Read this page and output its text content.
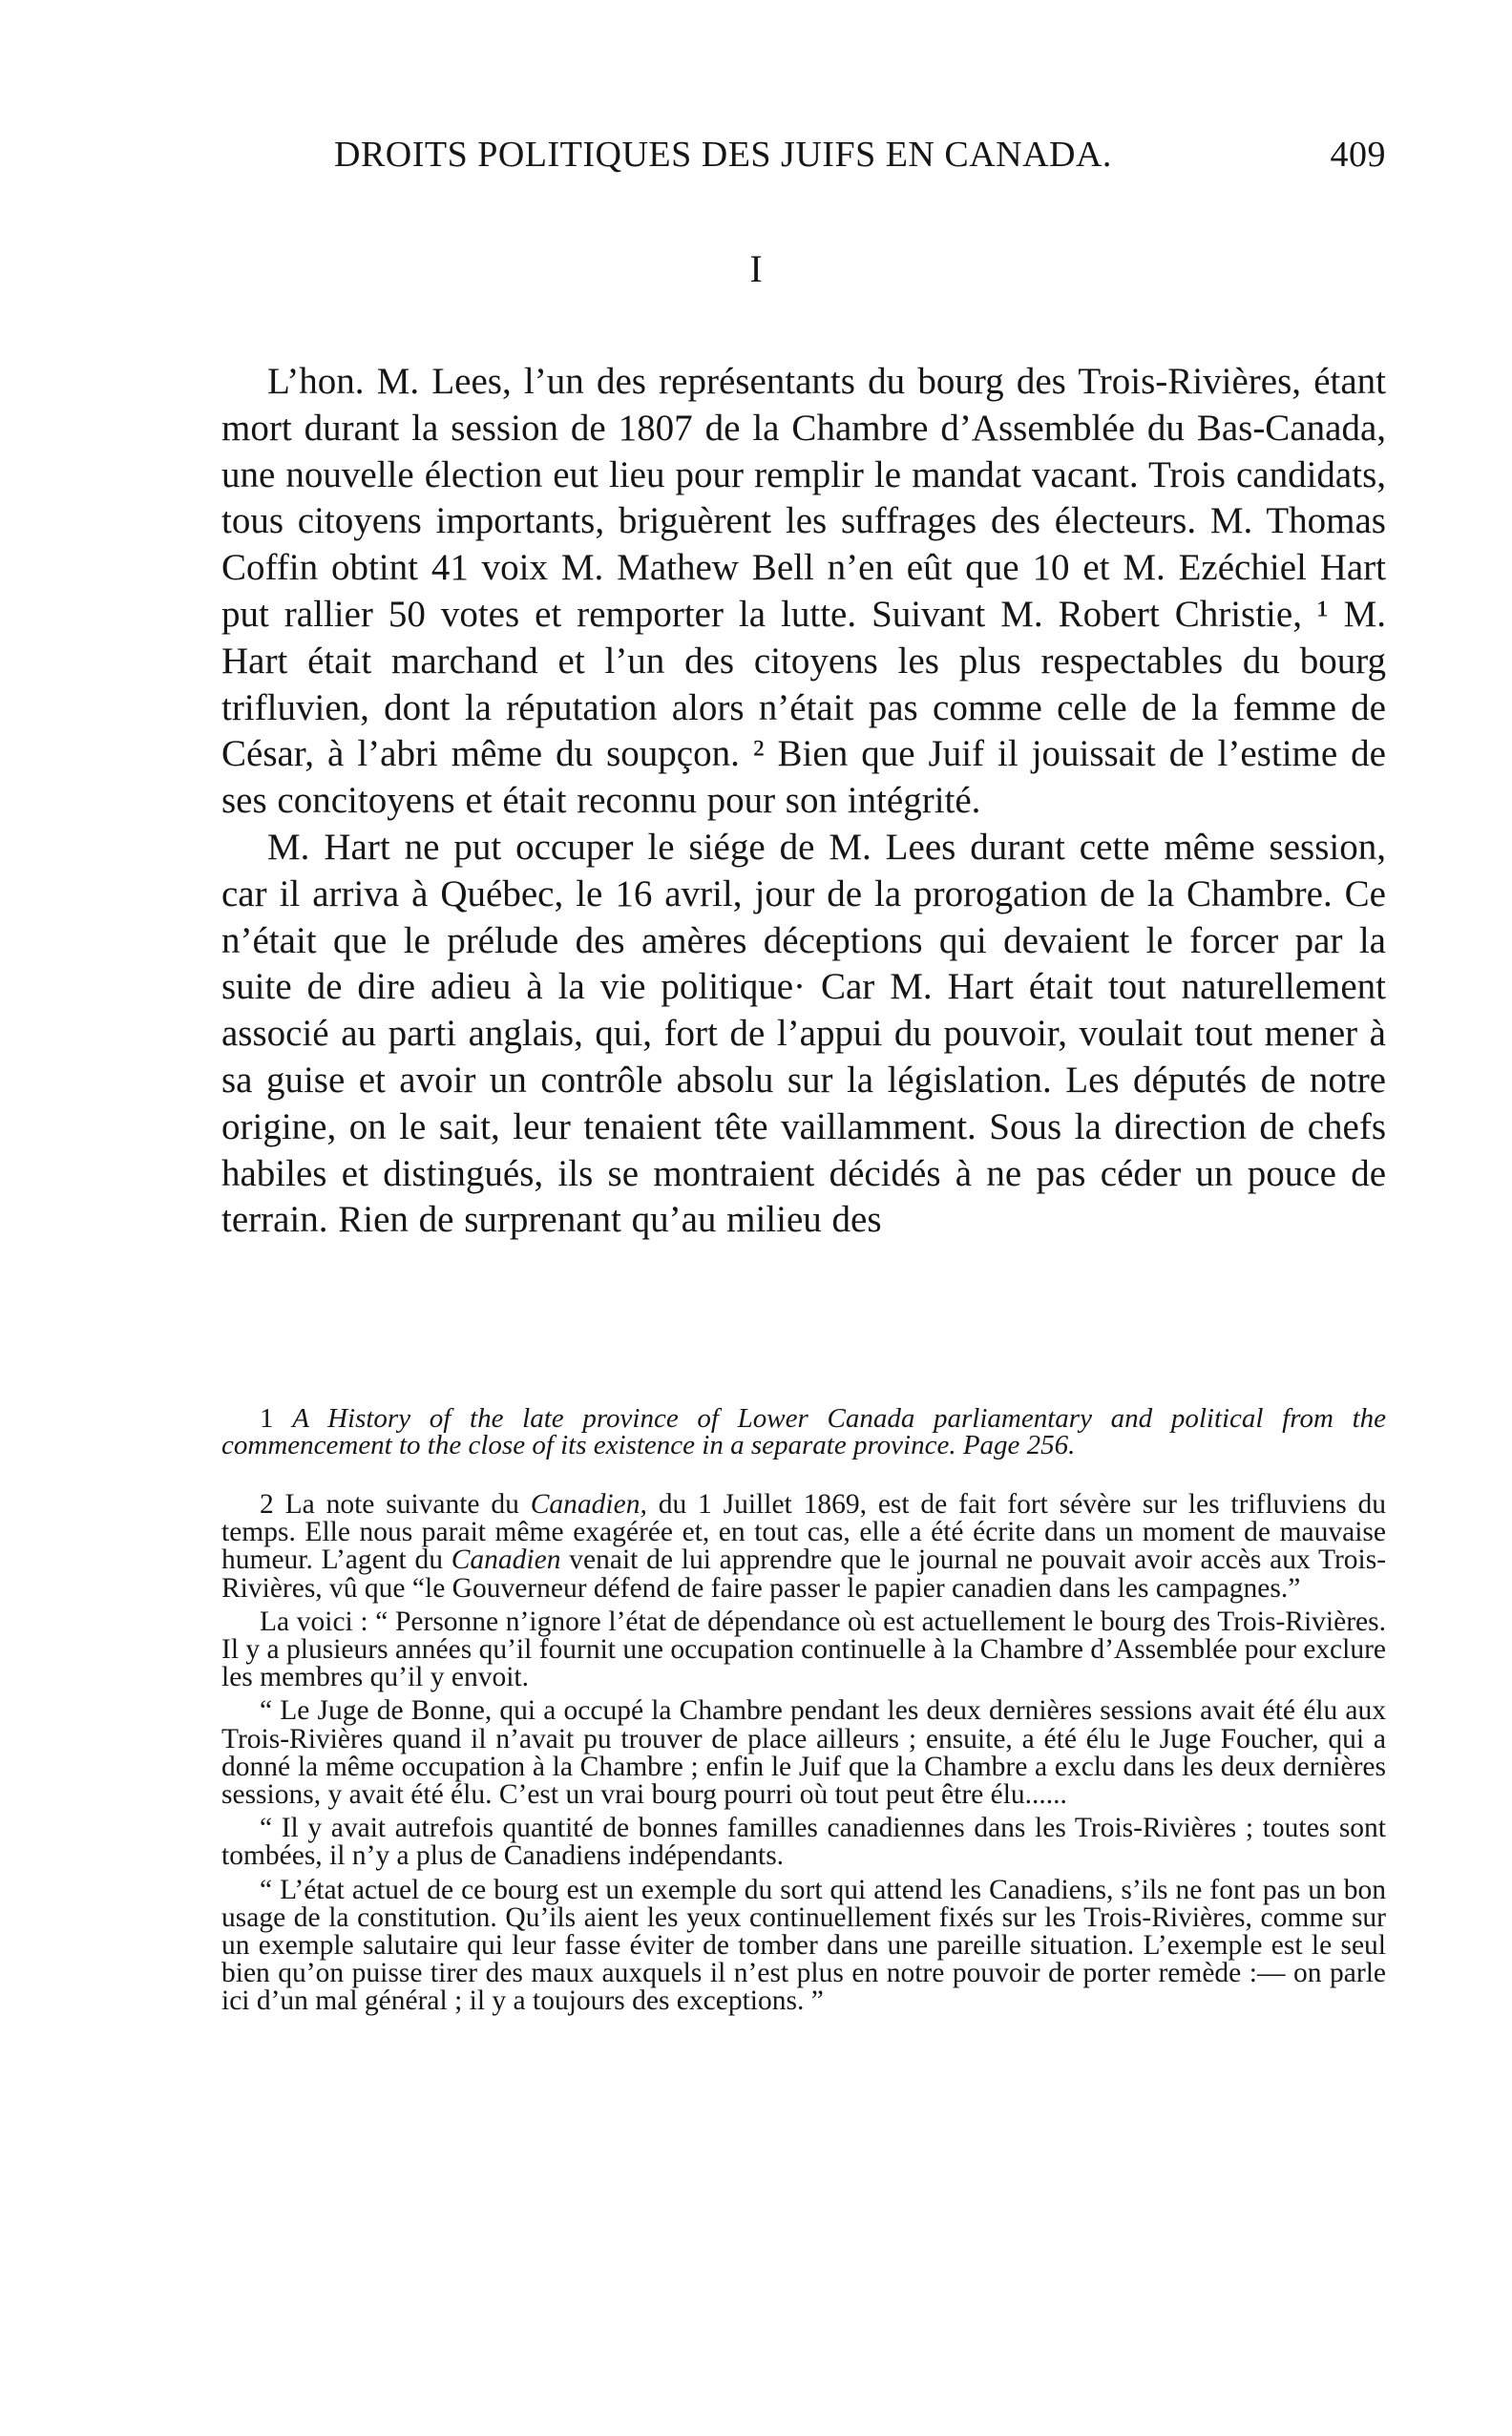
DROITS POLITIQUES DES JUIFS EN CANADA.	409
I

L’hon. M. Lees, l’un des représentants du bourg des Trois-Rivières, étant mort durant la session de 1807 de la Chambre d’Assemblée du Bas-Canada, une nouvelle élection eut lieu pour remplir le mandat vacant. Trois candidats, tous citoyens importants, briguèrent les suffrages des électeurs. M. Thomas Coffin obtint 41 voix M. Mathew Bell n’en eût que 10 et M. Ezéchiel Hart put rallier 50 votes et remporter la lutte. Suivant M. Robert Christie, ¹ M. Hart était marchand et l’un des citoyens les plus respectables du bourg trifluvien, dont la réputation alors n’était pas comme celle de la femme de César, à l’abri même du soupçon. ² Bien que Juif il jouissait de l’estime de ses concitoyens et était reconnu pour son intégrité.

M. Hart ne put occuper le siége de M. Lees durant cette même session, car il arriva à Québec, le 16 avril, jour de la prorogation de la Chambre. Ce n’était que le prélude des amères déceptions qui devaient le forcer par la suite de dire adieu à la vie politique· Car M. Hart était tout naturellement associé au parti anglais, qui, fort de l’appui du pouvoir, voulait tout mener à sa guise et avoir un contrôle absolu sur la législation. Les députés de notre origine, on le sait, leur tenaient tête vaillamment. Sous la direction de chefs habiles et distingués, ils se montraient décidés à ne pas céder un pouce de terrain. Rien de surprenant qu’au milieu des

1 A History of the late province of Lower Canada parliamentary and political from the commencement to the close of its existence in a separate province. Page 256.

2 La note suivante du Canadien, du 1 Juillet 1869, est de fait fort sévère sur les trifluviens du temps. Elle nous parait même exagérée et, en tout cas, elle a été écrite dans un moment de mauvaise humeur. L’agent du Canadien venait de lui apprendre que le journal ne pouvait avoir accès aux Trois-Rivières, vû que “le Gouverneur défend de faire passer le papier canadien dans les campagnes.”

La voici : “ Personne n’ignore l’état de dépendance où est actuellement le bourg des Trois-Rivières. Il y a plusieurs années qu’il fournit une occupation continuelle à la Chambre d’Assemblée pour exclure les membres qu’il y envoit.

“ Le Juge de Bonne, qui a occupé la Chambre pendant les deux dernières sessions avait été élu aux Trois-Rivières quand il n’avait pu trouver de place ailleurs ; ensuite, a été élu le Juge Foucher, qui a donné la même occupation à la Chambre ; enfin le Juif que la Chambre a exclu dans les deux dernières sessions, y avait été élu. C’est un vrai bourg pourri où tout peut être élu......

“ Il y avait autrefois quantité de bonnes familles canadiennes dans les Trois-Rivières ; toutes sont tombées, il n’y a plus de Canadiens indépendants.

“ L’état actuel de ce bourg est un exemple du sort qui attend les Canadiens, s’ils ne font pas un bon usage de la constitution. Qu’ils aient les yeux continuellement fixés sur les Trois-Rivières, comme sur un exemple salutaire qui leur fasse éviter de tomber dans une pareille situation. L’exemple est le seul bien qu’on puisse tirer des maux auxquels il n’est plus en notre pouvoir de porter remède :— on parle ici d’un mal général ; il y a toujours des exceptions. ”
